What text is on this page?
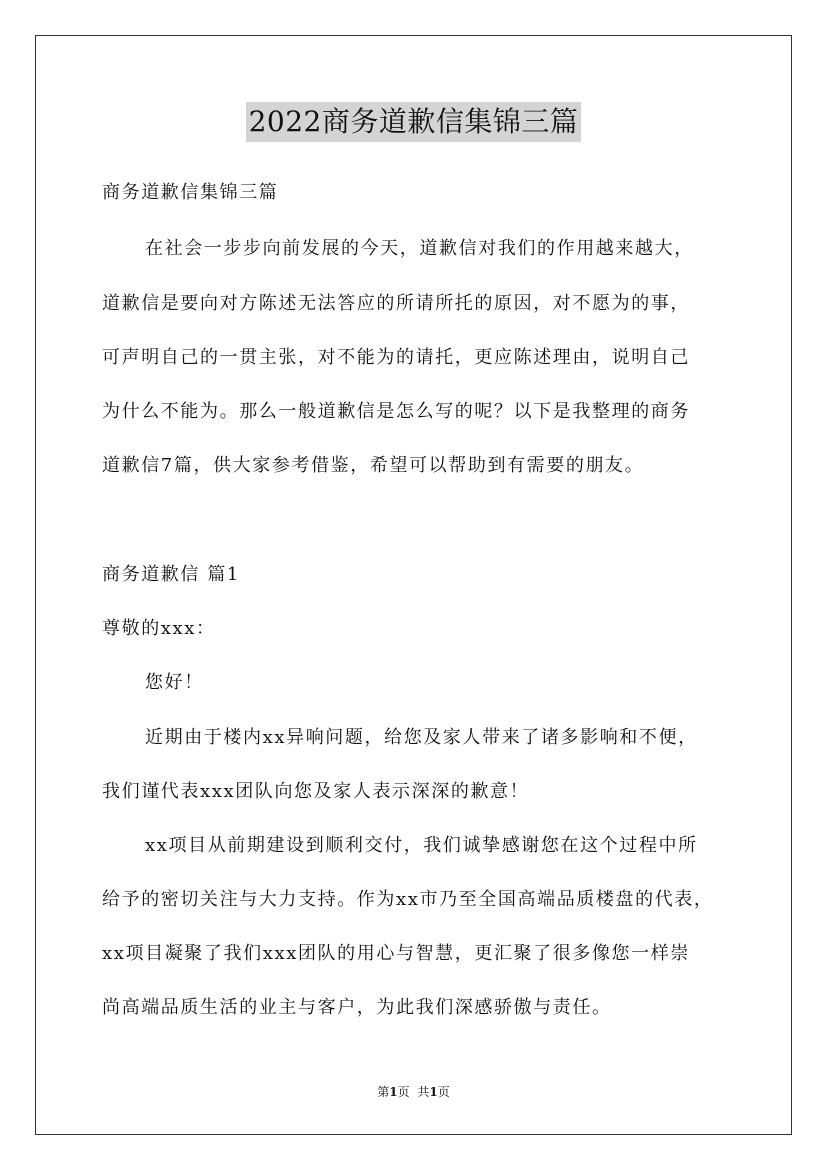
2022商务道歉信集锦三篇
商务道歉信集锦三篇
在社会一步步向前发展的今天，道歉信对我们的作用越来越大，
道歉信是要向对方陈述无法答应的所请所托的原因，对不愿为的事，
可声明自己的一贯主张，对不能为的请托，更应陈述理由，说明自己
为什么不能为。那么一般道歉信是怎么写的呢？以下是我整理的商务
道歉信7篇，供大家参考借鉴，希望可以帮助到有需要的朋友。
商务道歉信 篇1
尊敬的xxx：
您好！
近期由于楼内xx异响问题，给您及家人带来了诸多影响和不便，
我们谨代表xxx团队向您及家人表示深深的歉意！
xx项目从前期建设到顺利交付，我们诚挚感谢您在这个过程中所
给予的密切关注与大力支持。作为xx市乃至全国高端品质楼盘的代表，
xx项目凝聚了我们xxx团队的用心与智慧，更汇聚了很多像您一样崇
尚高端品质生活的业主与客户，为此我们深感骄傲与责任。
第1页 共1页
